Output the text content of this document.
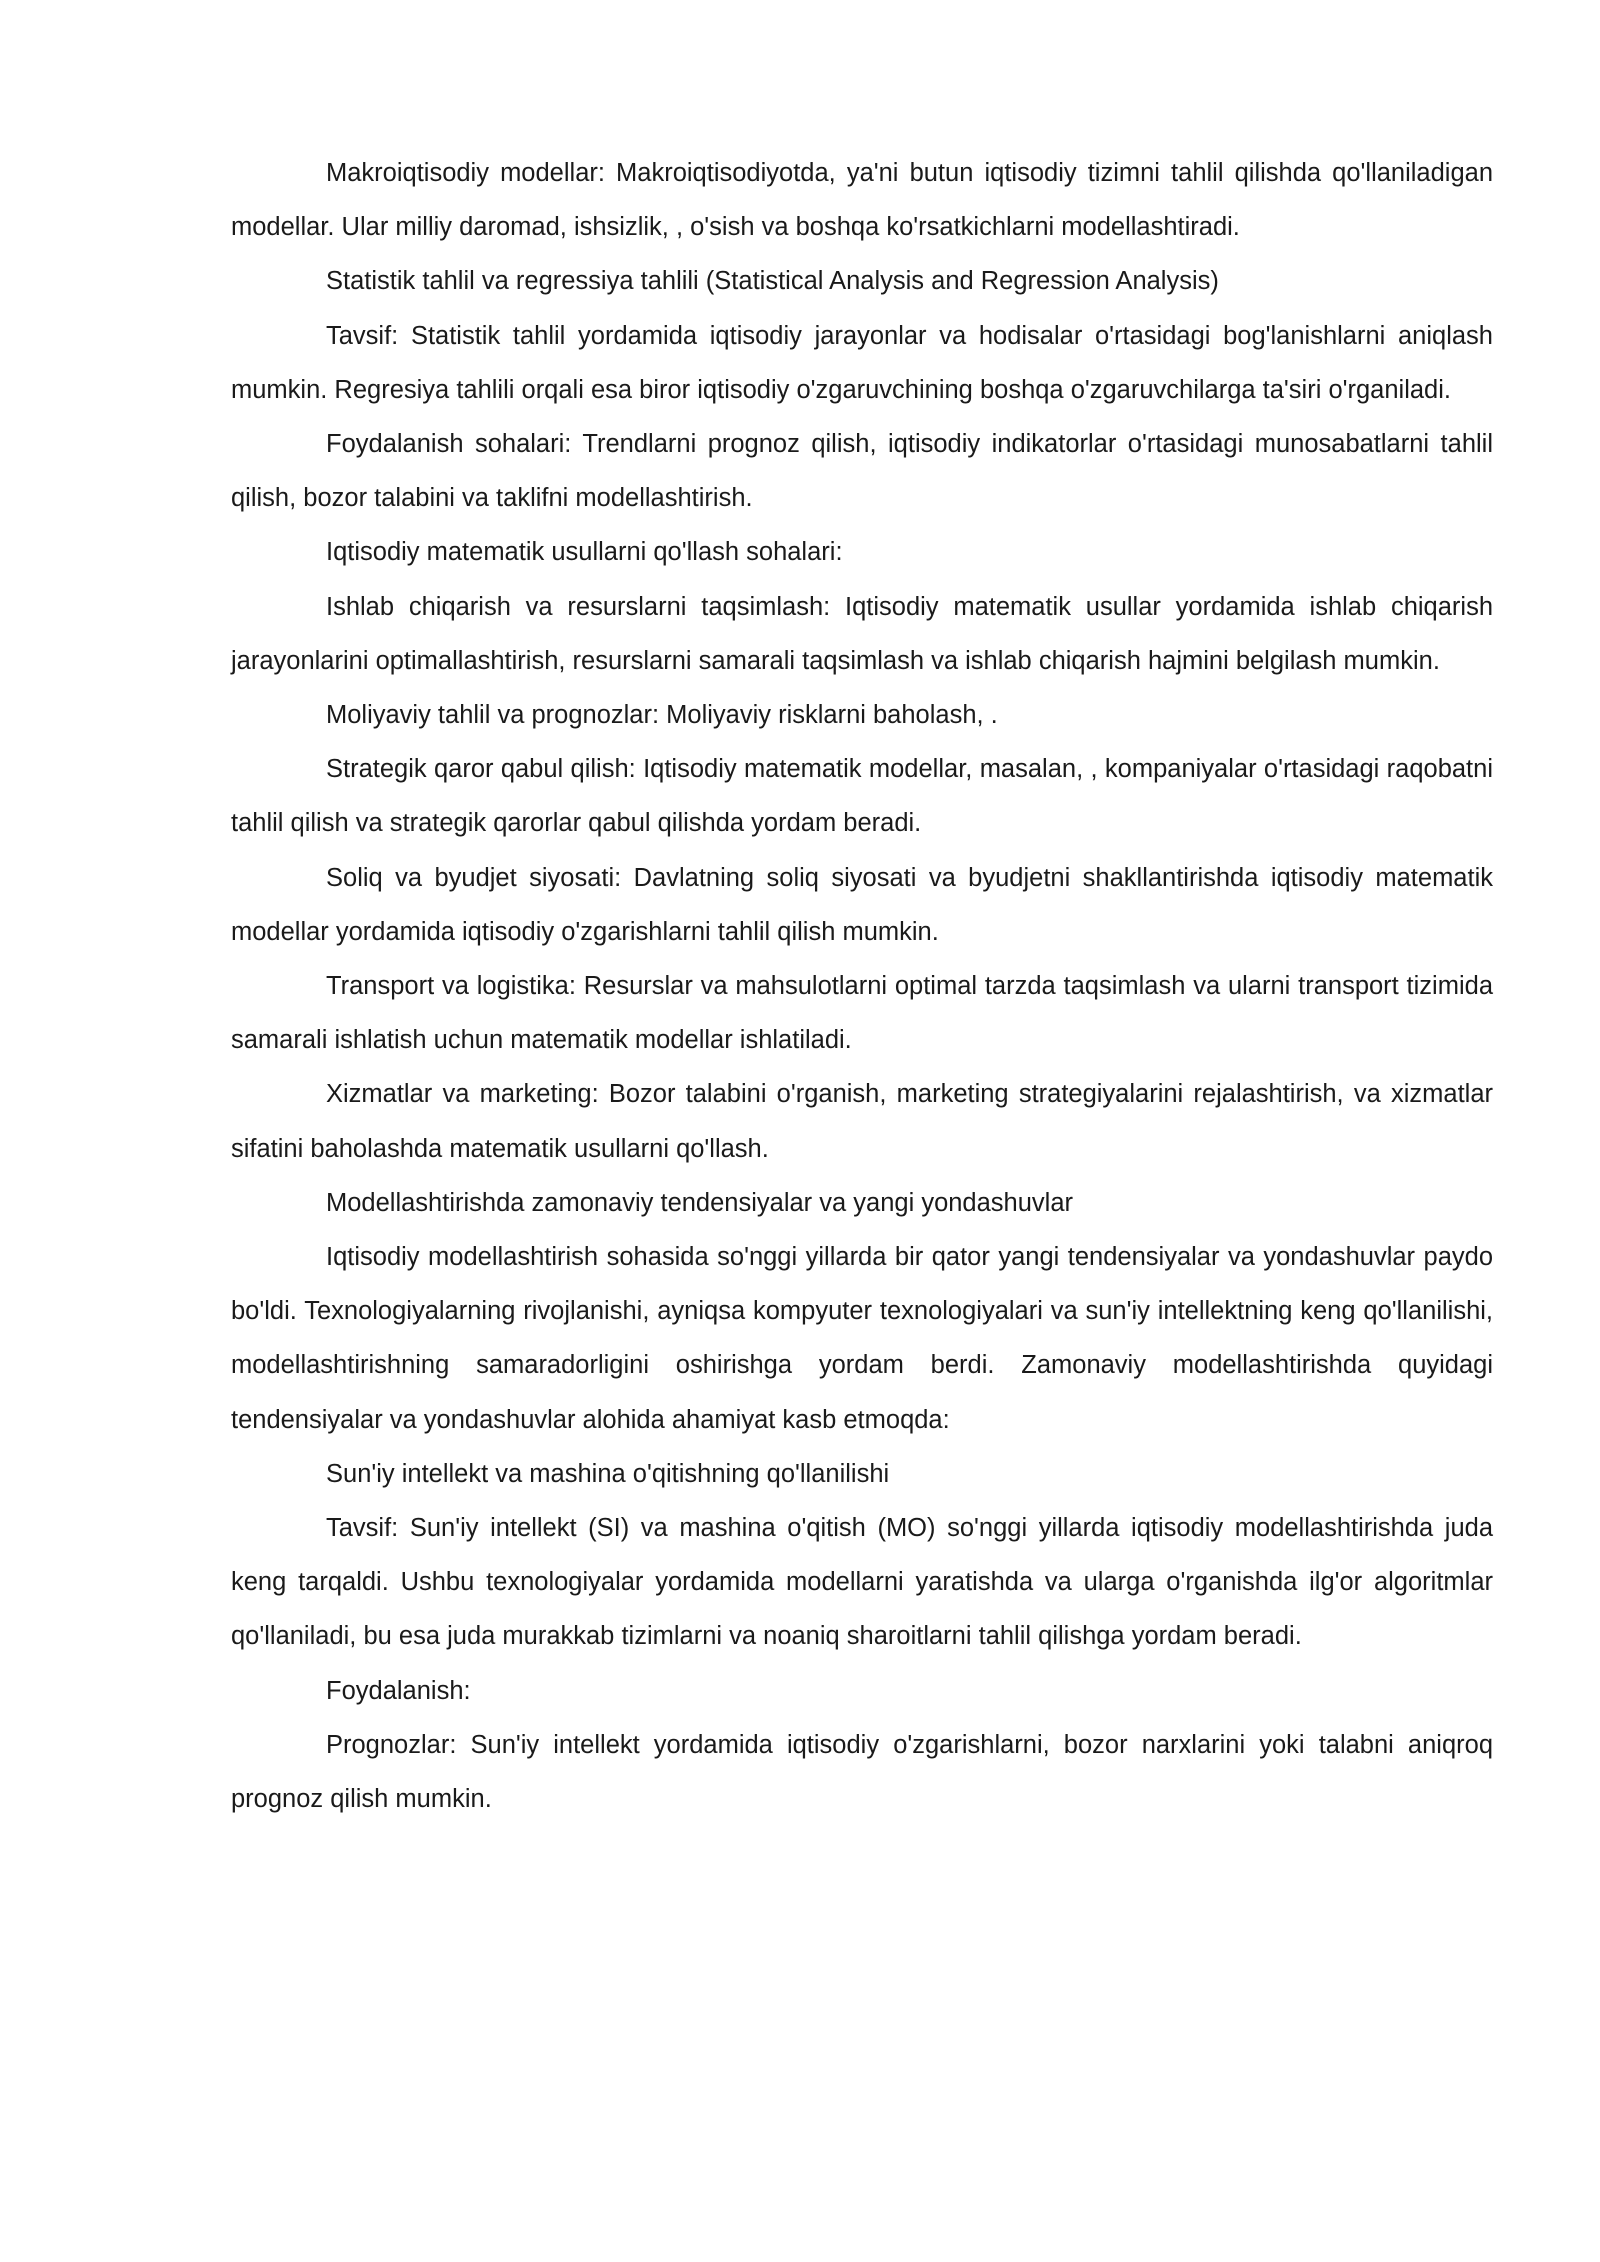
Makroiqtisodiy modellar: Makroiqtisodiyotda, ya'ni butun iqtisodiy tizimni tahlil qilishda qo'llaniladigan modellar. Ular milliy daromad, ishsizlik, , o'sish va boshqa ko'rsatkichlarni modellashtiradi.

Statistik tahlil va regressiya tahlili (Statistical Analysis and Regression Analysis)

Tavsif: Statistik tahlil yordamida iqtisodiy jarayonlar va hodisalar o'rtasidagi bog'lanishlarni aniqlash mumkin. Regresiya tahlili orqali esa biror iqtisodiy o'zgaruvchining boshqa o'zgaruvchilarga ta'siri o'rganiladi.

Foydalanish sohalari: Trendlarni prognoz qilish, iqtisodiy indikatorlar o'rtasidagi munosabatlarni tahlil qilish, bozor talabini va taklifni modellashtirish.

Iqtisodiy matematik usullarni qo'llash sohalari:

Ishlab chiqarish va resurslarni taqsimlash: Iqtisodiy matematik usullar yordamida ishlab chiqarish jarayonlarini optimallashtirish, resurslarni samarali taqsimlash va ishlab chiqarish hajmini belgilash mumkin.

Moliyaviy tahlil va prognozlar: Moliyaviy risklarni baholash, .

Strategik qaror qabul qilish: Iqtisodiy matematik modellar, masalan, , kompaniyalar o'rtasidagi raqobatni tahlil qilish va strategik qarorlar qabul qilishda yordam beradi.

Soliq va byudjet siyosati: Davlatning soliq siyosati va byudjetni shakllantirishda iqtisodiy matematik modellar yordamida iqtisodiy o'zgarishlarni tahlil qilish mumkin.

Transport va logistika: Resurslar va mahsulotlarni optimal tarzda taqsimlash va ularni transport tizimida samarali ishlatish uchun matematik modellar ishlatiladi.

Xizmatlar va marketing: Bozor talabini o'rganish, marketing strategiyalarini rejalashtirish, va xizmatlar sifatini baholashda matematik usullarni qo'llash.

Modellashtirishda zamonaviy tendensiyalar va yangi yondashuvlar

Iqtisodiy modellashtirish sohasida so'nggi yillarda bir qator yangi tendensiyalar va yondashuvlar paydo bo'ldi. Texnologiyalarning rivojlanishi, ayniqsa kompyuter texnologiyalari va sun'iy intellektning keng qo'llanilishi, modellashtirishning samaradorligini oshirishga yordam berdi. Zamonaviy modellashtirishda quyidagi tendensiyalar va yondashuvlar alohida ahamiyat kasb etmoqda:

Sun'iy intellekt va mashina o'qitishning qo'llanilishi

Tavsif: Sun'iy intellekt (SI) va mashina o'qitish (MO) so'nggi yillarda iqtisodiy modellashtirishda juda keng tarqaldi. Ushbu texnologiyalar yordamida modellarni yaratishda va ularga o'rganishda ilg'or algoritmlar qo'llaniladi, bu esa juda murakkab tizimlarni va noaniq sharoitlarni tahlil qilishga yordam beradi.

Foydalanish:

Prognozlar: Sun'iy intellekt yordamida iqtisodiy o'zgarishlarni, bozor narxlarini yoki talabni aniqroq prognoz qilish mumkin.
